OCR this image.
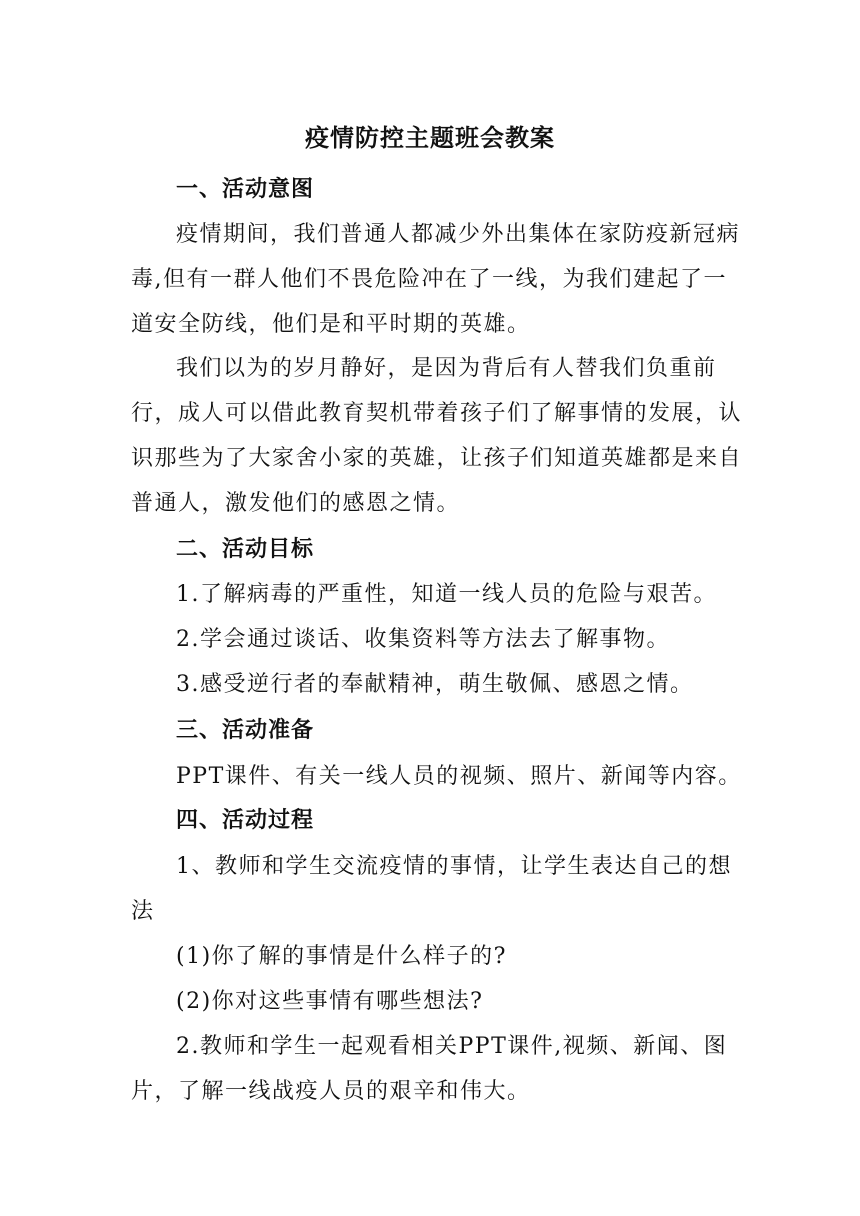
疫情防控主题班会教案
一、活动意图
疫情期间，我们普通人都减少外出集体在家防疫新冠病
毒,但有一群人他们不畏危险冲在了一线，为我们建起了一
道安全防线，他们是和平时期的英雄。
我们以为的岁月静好，是因为背后有人替我们负重前
行，成人可以借此教育契机带着孩子们了解事情的发展，认
识那些为了大家舍小家的英雄，让孩子们知道英雄都是来自
普通人，激发他们的感恩之情。
二、活动目标
1.了解病毒的严重性，知道一线人员的危险与艰苦。
2.学会通过谈话、收集资料等方法去了解事物。
3.感受逆行者的奉献精神，萌生敬佩、感恩之情。
三、活动准备
PPT课件、有关一线人员的视频、照片、新闻等内容。
四、活动过程
1、教师和学生交流疫情的事情，让学生表达自己的想
法
(1)你了解的事情是什么样子的?
(2)你对这些事情有哪些想法?
2.教师和学生一起观看相关PPT课件,视频、新闻、图
片，了解一线战疫人员的艰辛和伟大。
